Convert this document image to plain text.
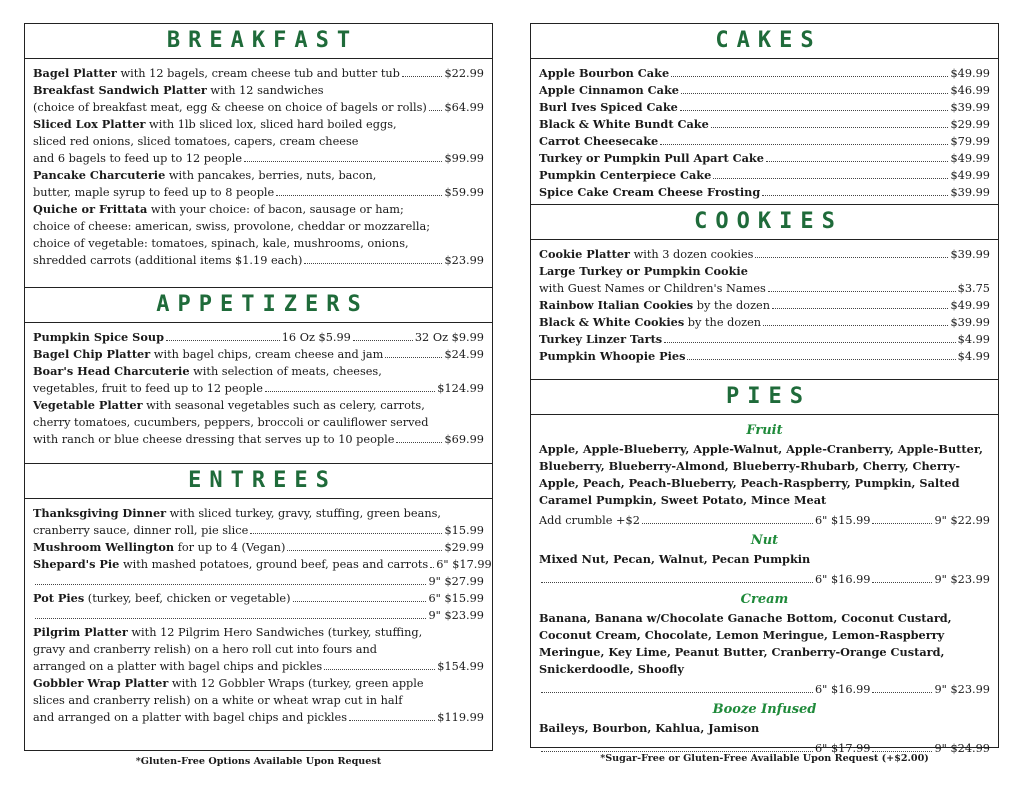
BREAKFAST
Bagel Platter with 12 bagels, cream cheese tub and butter tub	$22.99
Breakfast Sandwich Platter with 12 sandwiches
(choice of breakfast meat, egg & cheese on choice of bagels or rolls) $64.99
Sliced Lox Platter with 1lb sliced lox, sliced hard boiled eggs,
sliced red onions, sliced tomatoes, capers, cream cheese
and 6 bagels to feed up to 12 people	$99.99
Pancake Charcuterie with pancakes, berries, nuts, bacon,
butter, maple syrup to feed up to 8 people	$59.99
Quiche or Frittata with your choice: of bacon, sausage or ham;
choice of cheese: american, swiss, provolone, cheddar or mozzarella;
choice of vegetable: tomatoes, spinach, kale, mushrooms, onions,
shredded carrots (additional items $1.19 each)	$23.99
APPETIZERS
Pumpkin Spice Soup	16 Oz $5.99	32 Oz $9.99
Bagel Chip Platter with bagel chips, cream cheese and jam	$24.99
Boar's Head Charcuterie with selection of meats, cheeses,
vegetables, fruit to feed up to 12 people	$124.99
Vegetable Platter with seasonal vegetables such as celery, carrots,
cherry tomatoes, cucumbers, peppers, broccoli or cauliflower served
with ranch or blue cheese dressing that serves up to 10 people	$69.99
ENTREES
Thanksgiving Dinner with sliced turkey, gravy, stuffing, green beans,
cranberry sauce, dinner roll, pie slice	$15.99
Mushroom Wellington for up to 4 (Vegan)	$29.99
Shepard's Pie with mashed potatoes, ground beef, peas and carrots 6" $17.99
9" $27.99
Pot Pies (turkey, beef, chicken or vegetable)	6" $15.99
9" $23.99
Pilgrim Platter with 12 Pilgrim Hero Sandwiches (turkey, stuffing,
gravy and cranberry relish) on a hero roll cut into fours and
arranged on a platter with bagel chips and pickles	$154.99
Gobbler Wrap Platter with 12 Gobbler Wraps (turkey, green apple
slices and cranberry relish) on a white or wheat wrap cut in half
and arranged on a platter with bagel chips and pickles	$119.99
*Gluten-Free Options Available Upon Request
CAKES
Apple Bourbon Cake	$49.99
Apple Cinnamon Cake	$46.99
Burl Ives Spiced Cake	$39.99
Black & White Bundt Cake	$29.99
Carrot Cheesecake	$79.99
Turkey or Pumpkin Pull Apart Cake	$49.99
Pumpkin Centerpiece Cake	$49.99
Spice Cake Cream Cheese Frosting	$39.99
COOKIES
Cookie Platter with 3 dozen cookies	$39.99
Large Turkey or Pumpkin Cookie
with Guest Names or Children's Names	$3.75
Rainbow Italian Cookies by the dozen	$49.99
Black & White Cookies by the dozen	$39.99
Turkey Linzer Tarts	$4.99
Pumpkin Whoopie Pies	$4.99
PIES
Fruit
Apple, Apple-Blueberry, Apple-Walnut, Apple-Cranberry, Apple-Butter, Blueberry, Blueberry-Almond, Blueberry-Rhubarb, Cherry, Cherry-Apple, Peach, Peach-Blueberry, Peach-Raspberry, Pumpkin, Salted Caramel Pumpkin, Sweet Potato, Mince Meat
Add crumble +$2	6" $15.99	9" $22.99
Nut
Mixed Nut, Pecan, Walnut, Pecan Pumpkin
6" $16.99	9" $23.99
Cream
Banana, Banana w/Chocolate Ganache Bottom, Coconut Custard, Coconut Cream, Chocolate, Lemon Meringue, Lemon-Raspberry Meringue, Key Lime, Peanut Butter, Cranberry-Orange Custard, Snickerdoodle, Shoofly
6" $16.99	9" $23.99
Booze Infused
Baileys, Bourbon, Kahlua, Jamison
6" $17.99	9" $24.99
*Sugar-Free or Gluten-Free Available Upon Request (+$2.00)
